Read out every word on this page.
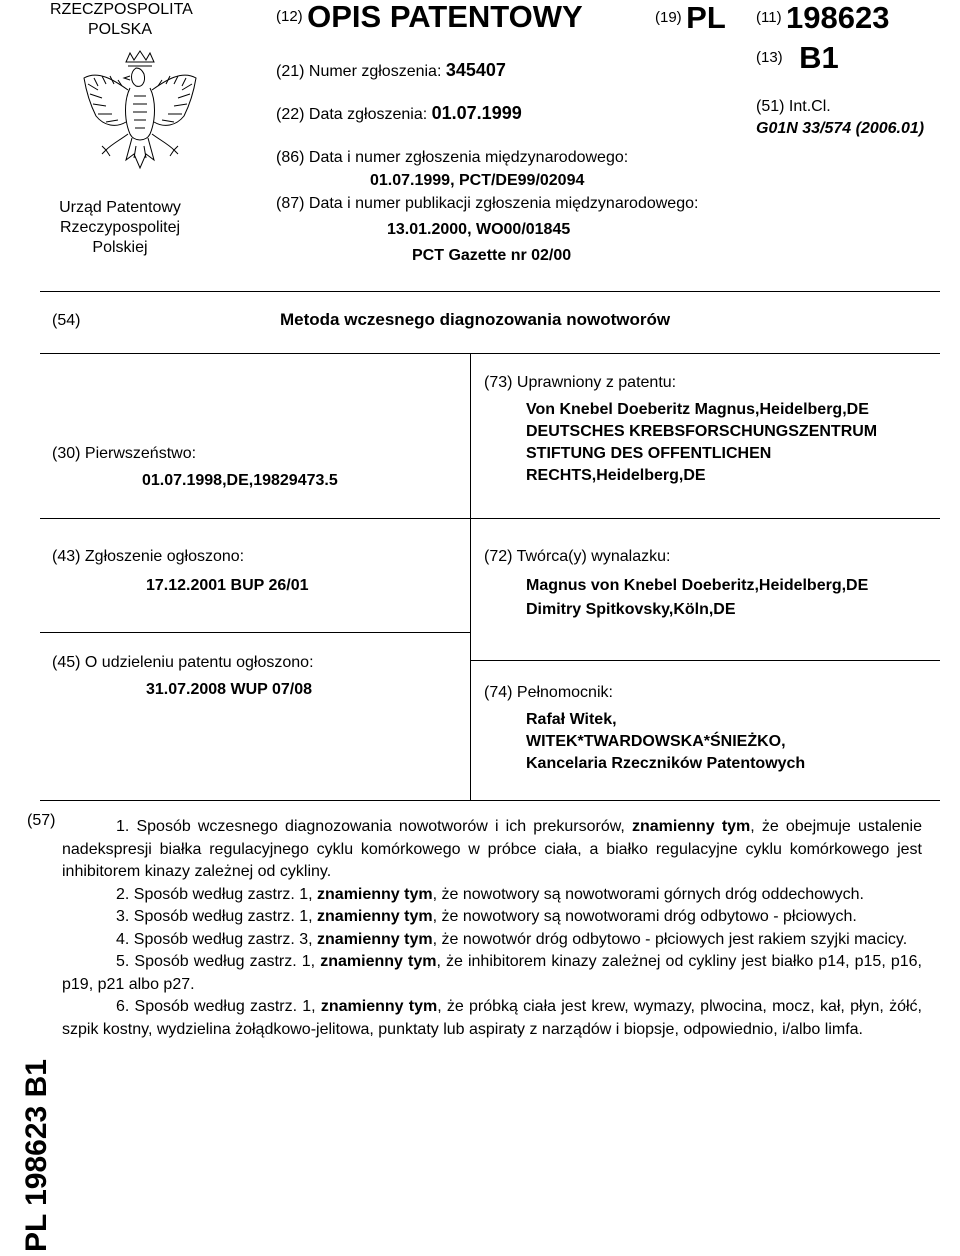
RZECZPOSPOLITA
POLSKA
Urząd Patentowy
Rzeczypospolitej Polskiej
(12) OPIS PATENTOWY
(21) Numer zgłoszenia: 345407
(22) Data zgłoszenia: 01.07.1999
(86) Data i numer zgłoszenia międzynarodowego:
01.07.1999, PCT/DE99/02094
(87) Data i numer publikacji zgłoszenia międzynarodowego:
13.01.2000, WO00/01845
PCT Gazette nr 02/00
(19) PL (11) 198623
(13) B1
(51) Int.Cl.
G01N 33/574 (2006.01)
(54)	Metoda wczesnego diagnozowania nowotworów
(30) Pierwszeństwo:
01.07.1998,DE,19829473.5
(43) Zgłoszenie ogłoszono:
17.12.2001 BUP 26/01
(45) O udzieleniu patentu ogłoszono:
31.07.2008 WUP 07/08
(73) Uprawniony z patentu:
Von Knebel Doeberitz Magnus,Heidelberg,DE
DEUTSCHES KREBSFORSCHUNGSZENTRUM
STIFTUNG DES OFFENTLICHEN
RECHTS,Heidelberg,DE
(72) Twórca(y) wynalazku:
Magnus von Knebel Doeberitz,Heidelberg,DE
Dimitry Spitkovsky,Köln,DE
(74) Pełnomocnik:
Rafał Witek,
WITEK*TWARDOWSKA*ŚNIEŻKO,
Kancelaria Rzeczników Patentowych
(57)	1. Sposób wczesnego diagnozowania nowotworów i ich prekursorów, znamienny tym, że obejmuje ustalenie nadekspresji białka regulacyjnego cyklu komórkowego w próbce ciała, a białko regulacyjne cyklu komórkowego jest inhibitorem kinazy zależnej od cykliny.

2. Sposób według zastrz. 1, znamienny tym, że nowotwory są nowotworami górnych dróg oddechowych.

3. Sposób według zastrz. 1, znamienny tym, że nowotwory są nowotworami dróg odbytowo - płciowych.

4. Sposób według zastrz. 3, znamienny tym, że nowotwór dróg odbytowo - płciowych jest rakiem szyjki macicy.

5. Sposób według zastrz. 1, znamienny tym, że inhibitorem kinazy zależnej od cykliny jest białko p14, p15, p16, p19, p21 albo p27.

6. Sposób według zastrz. 1, znamienny tym, że próbką ciała jest krew, wymazy, plwocina, mocz, kał, płyn, żółć, szpik kostny, wydzielina żołądkowo-jelitowa, punktaty lub aspiraty z narządów i biopsje, odpowiednio, i/albo limfa.

PL 198623 B1
